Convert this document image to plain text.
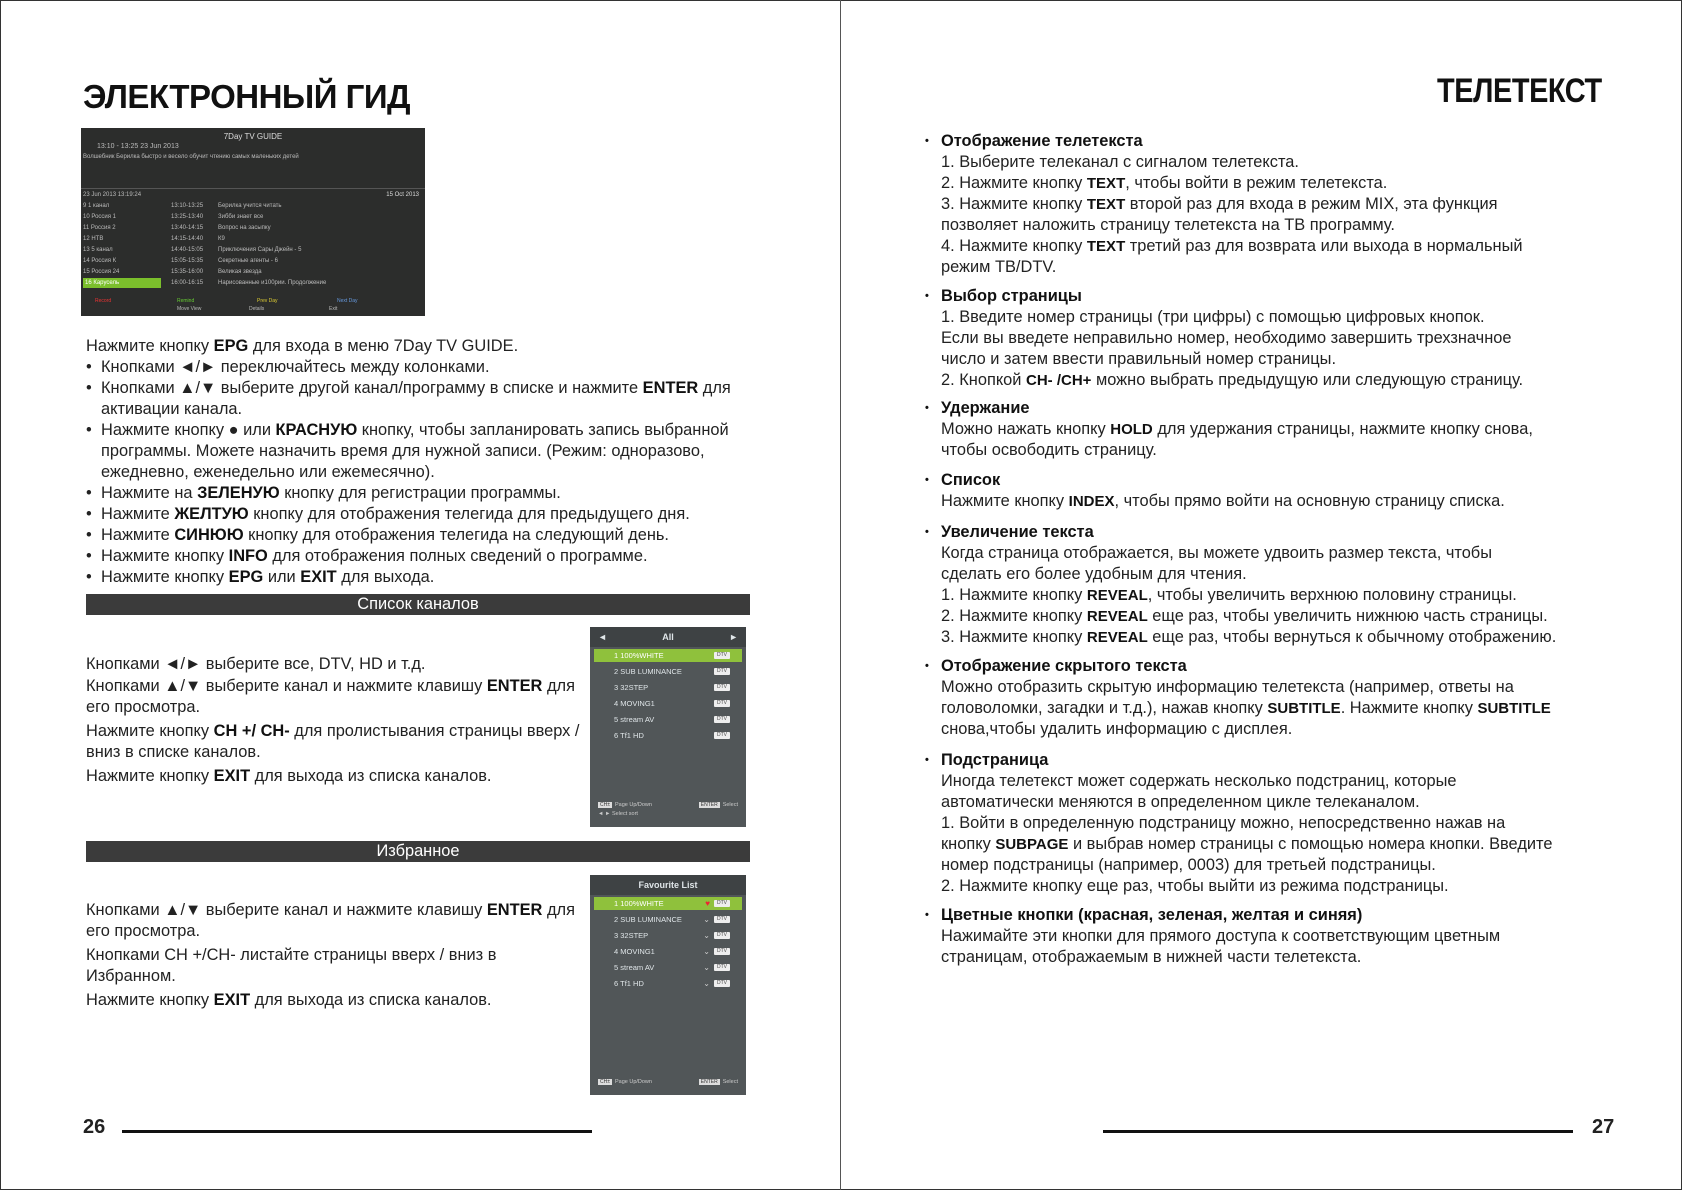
ЭЛЕКТРОННЫЙ ГИД
7Day TV GUIDE
13:10 - 13:25 23 Jun 2013
Волшебник Берилка быстро и весело обучит чтению самых маленьких детей
23 Jun 2013 13:19:24	15 Oct 2013
9 1 канал	13:10-13:25 Берилка учится читать
10 Россия 1	13:25-13:40 Зибби знает все
11 Россия 2	13:40-14:15 Вопрос на засыпку
12 НТВ	14:15-14:40 К9
13 5 канал	14:40-15:05 Приключения Сары Джейн - 5
14 Россия К	15:05-15:35 Секретные агенты - 6
15 Россия 24	15:35-16:00 Великая звезда
16 Карусель	16:00-16:15 Нарисованные и100рии. Продолжение
Record	Remind	Prev Day	Next Day
Move View	Details	Exit
Нажмите кнопку EPG для входа в меню 7Day TV GUIDE.
• Кнопками ◄/► переключайтесь между колонками.
• Кнопками ▲/▼ выберите другой канал/программу в списке и нажмите ENTER для активации канала.
• Нажмите кнопку ● или КРАСНУЮ кнопку, чтобы запланировать запись выбранной программы. Можете назначить время для нужной записи. (Режим: одноразово, ежедневно, еженедельно или ежемесячно).
• Нажмите на ЗЕЛЕНУЮ кнопку для регистрации программы.
• Нажмите ЖЕЛТУЮ кнопку для отображения телегида для предыдущего дня.
• Нажмите СИНЮЮ кнопку для отображения телегида на следующий день.
• Нажмите кнопку INFO для отображения полных сведений о программе.
• Нажмите кнопку EPG или EXIT для выхода.
Список каналов
Кнопками ◄/► выберите все, DTV, HD и т.д.
Кнопками ▲/▼ выберите канал и нажмите клавишу ENTER для его просмотра.
Нажмите кнопку CH +/ CH- для пролистывания страницы вверх / вниз в списке каналов.
Нажмите кнопку EXIT для выхода из списка каналов.
◄	All	►
1 100%WHITE	DTV
2 SUB LUMINANCE	DTV
3 32STEP	DTV
4 MOVING1	DTV
5 stream AV	DTV
6 Tf1 HD	DTV
CH± Page Up/Down	ENTER Select
◄ ► Select sort
Избранное
Кнопками ▲/▼ выберите канал и нажмите клавишу ENTER для его просмотра.
Кнопками CH +/CH- листайте страницы вверх / вниз в Избранном.
Нажмите кнопку EXIT для выхода из списка каналов.
Favourite List
1 100%WHITE	♥	DTV
2 SUB LUMINANCE	⌄	DTV
3 32STEP	⌄	DTV
4 MOVING1	⌄	DTV
5 stream AV	⌄	DTV
6 Tf1 HD	⌄	DTV
CH± Page Up/Down	ENTER Select
26
ТЕЛЕТЕКСТ
• Отображение телетекста
1. Выберите телеканал с сигналом телетекста.
2. Нажмите кнопку TEXT, чтобы войти в режим телетекста.
3. Нажмите кнопку TEXT второй раз для входа в режим MIX, эта функция
позволяет наложить страницу телетекста на ТВ программу.
4. Нажмите кнопку TEXT третий раз для возврата или выхода в нормальный
режим ТВ/DTV.
• Выбор страницы
1. Введите номер страницы (три цифры) с помощью цифровых кнопок.
Если вы введете неправильно номер, необходимо завершить трехзначное
число и затем ввести правильный номер страницы.
2. Кнопкой CH- /CH+ можно выбрать предыдущую или следующую страницу.
• Удержание
Можно нажать кнопку HOLD для удержания страницы, нажмите кнопку снова,
чтобы освободить страницу.
• Список
Нажмите кнопку INDEX, чтобы прямо войти на основную страницу списка.
• Увеличение текста
Когда страница отображается, вы можете удвоить размер текста, чтобы
сделать его более удобным для чтения.
1. Нажмите кнопку REVEAL, чтобы увеличить верхнюю половину страницы.
2. Нажмите кнопку REVEAL еще раз, чтобы увеличить нижнюю часть страницы.
3. Нажмите кнопку REVEAL еще раз, чтобы вернуться к обычному отображению.
• Отображение скрытого текста
Можно отобразить скрытую информацию телетекста (например, ответы на
головоломки, загадки и т.д.), нажав кнопку SUBTITLE. Нажмите кнопку SUBTITLE
снова,чтобы удалить информацию с дисплея.
• Подстраница
Иногда телетекст может содержать несколько подстраниц, которые
автоматически меняются в определенном цикле телеканалом.
1. Войти в определенную подстраницу можно, непосредственно нажав на
кнопку SUBPAGE и выбрав номер страницы с помощью номера кнопки. Введите
номер подстраницы (например, 0003) для третьей подстраницы.
2. Нажмите кнопку еще раз, чтобы выйти из режима подстраницы.
• Цветные кнопки (красная, зеленая, желтая и синяя)
Нажимайте эти кнопки для прямого доступа к соответствующим цветным
страницам, отображаемым в нижней части телетекста.
27
